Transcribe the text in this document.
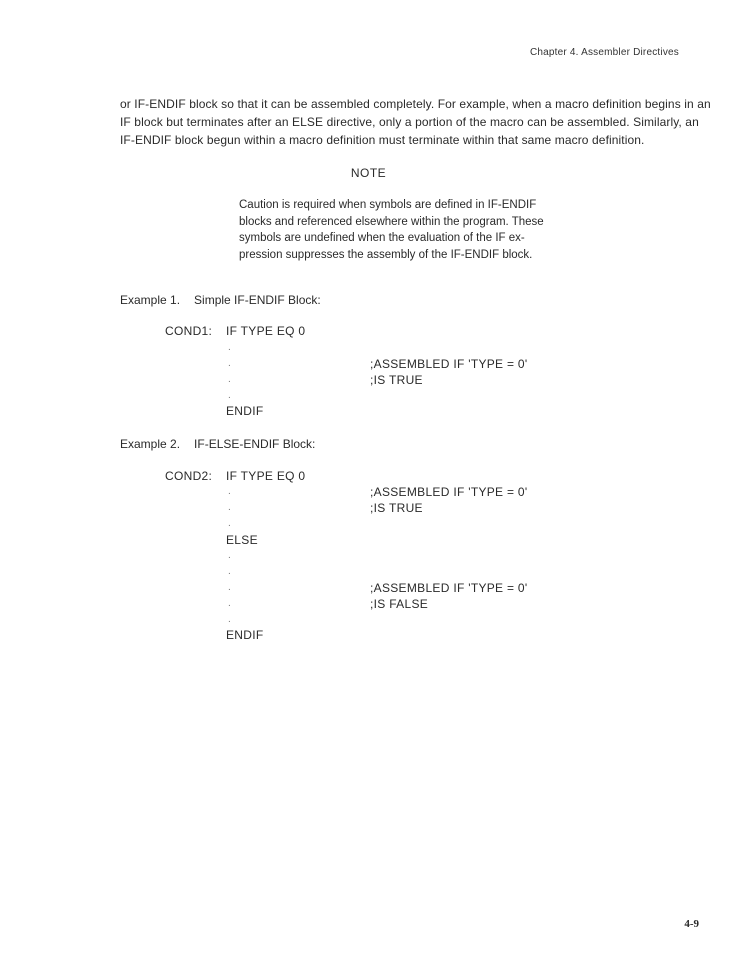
Chapter 4. Assembler Directives
or IF-ENDIF block so that it can be assembled completely. For example, when a macro definition begins in an
IF block but terminates after an ELSE directive, only a portion of the macro can be assembled. Similarly, an
IF-ENDIF block begun within a macro definition must terminate within that same macro definition.
NOTE
Caution is required when symbols are defined in IF-ENDIF
blocks and referenced elsewhere within the program. These
symbols are undefined when the evaluation of the IF ex-
pression suppresses the assembly of the IF-ENDIF block.
Example 1. Simple IF-ENDIF Block:
COND1: IF TYPE EQ 0
.
.	;ASSEMBLED IF 'TYPE = 0'
.	;IS TRUE
.
ENDIF
Example 2. IF-ELSE-ENDIF Block:
COND2: IF TYPE EQ 0
.	;ASSEMBLED IF 'TYPE = 0'
.	;IS TRUE
.
ELSE
.
.
.	;ASSEMBLED IF 'TYPE = 0'
.	;IS FALSE
.
ENDIF
4-9
